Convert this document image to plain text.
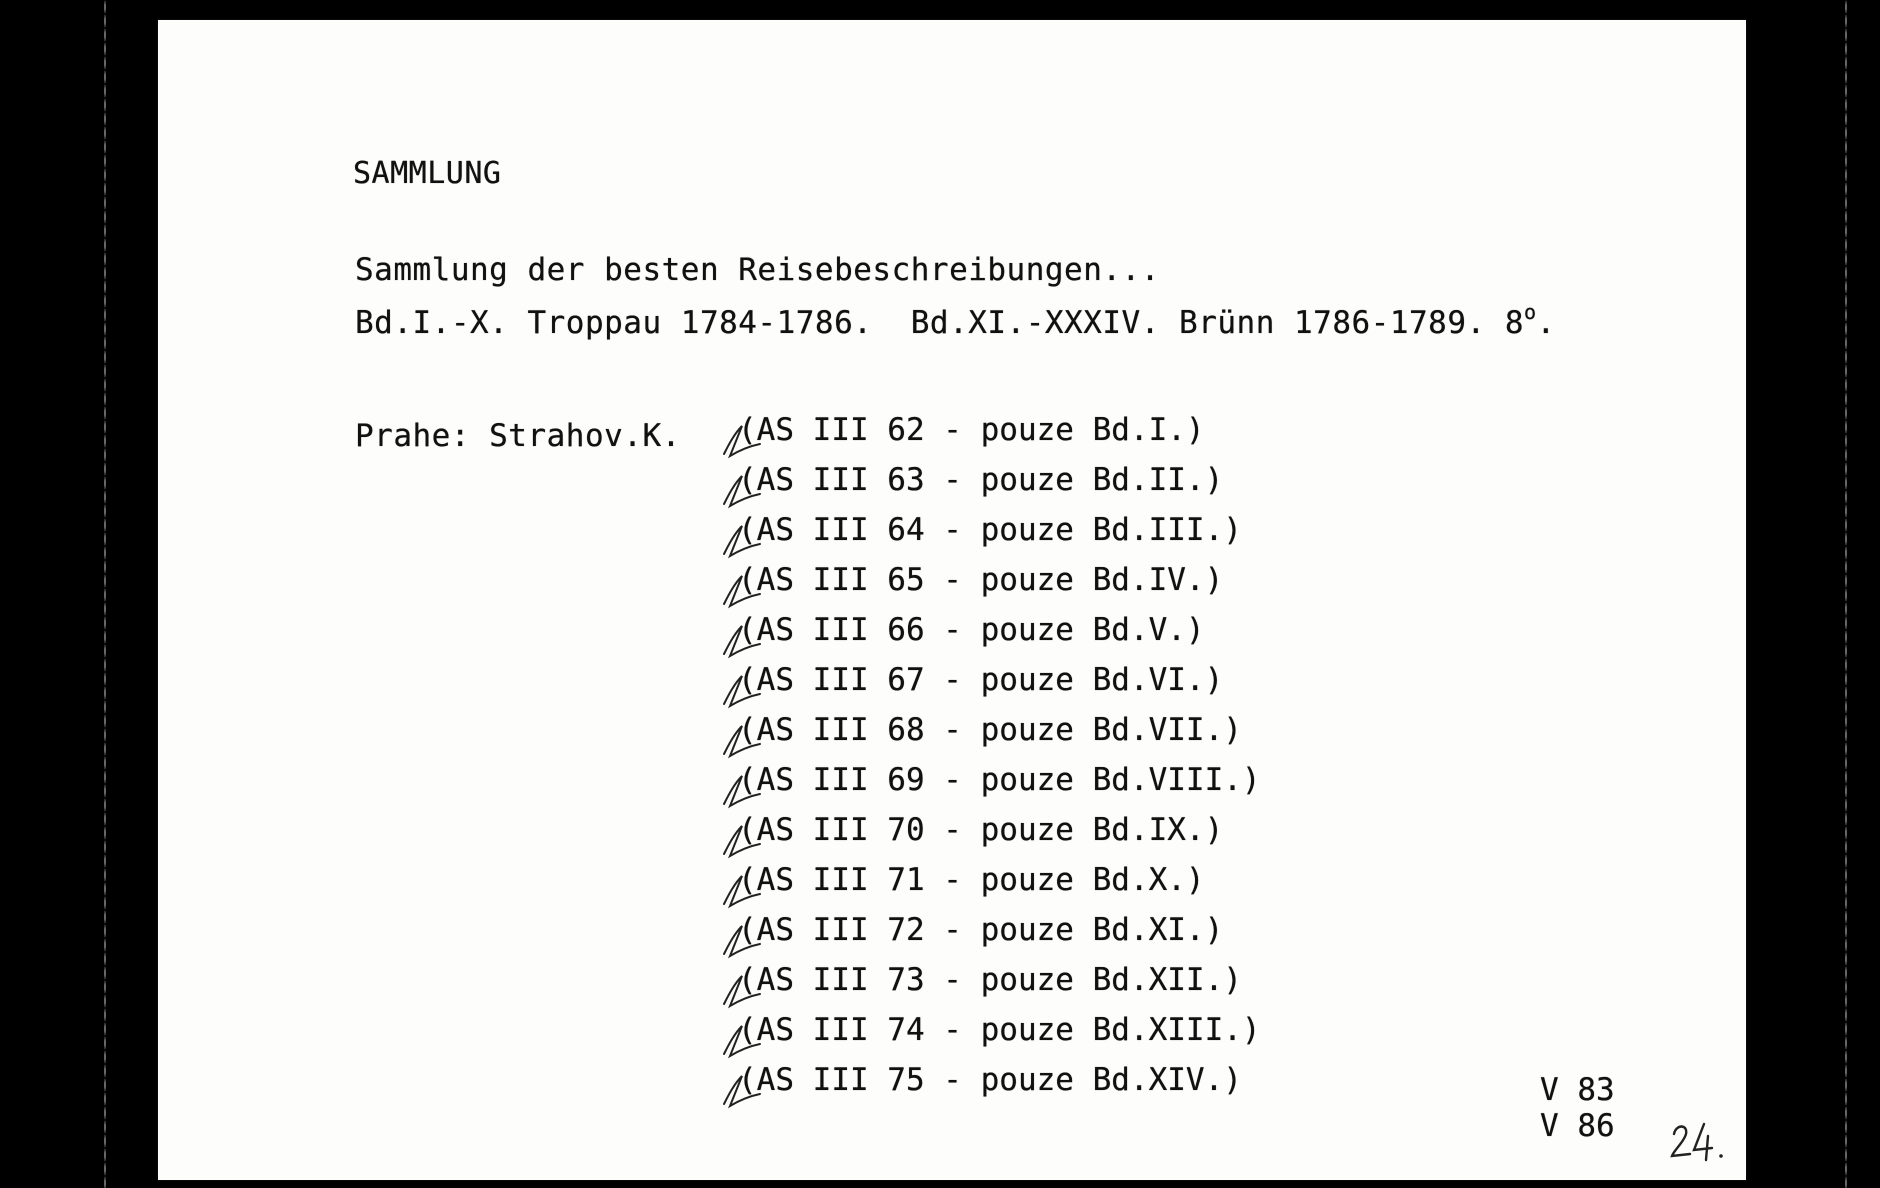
SAMMLUNG
Sammlung der besten Reisebeschreibungen...
Bd.I.-X. Troppau 1784-1786.  Bd.XI.-XXXIV. Brünn 1786-1789. 8$^o$.
Prahe: Strahov.K. (AS III 62 - pouze Bd.I.)
(AS III 63 - pouze Bd.II.)
(AS III 64 - pouze Bd.III.)
(AS III 65 - pouze Bd.IV.)
(AS III 66 - pouze Bd.V.)
(AS III 67 - pouze Bd.VI.)
(AS III 68 - pouze Bd.VII.)
(AS III 69 - pouze Bd.VIII.)
(AS III 70 - pouze Bd.IX.)
(AS III 71 - pouze Bd.X.)
(AS III 72 - pouze Bd.XI.)
(AS III 73 - pouze Bd.XII.)
(AS III 74 - pouze Bd.XIII.)
(AS III 75 - pouze Bd.XIV.)	V 83
V 86
